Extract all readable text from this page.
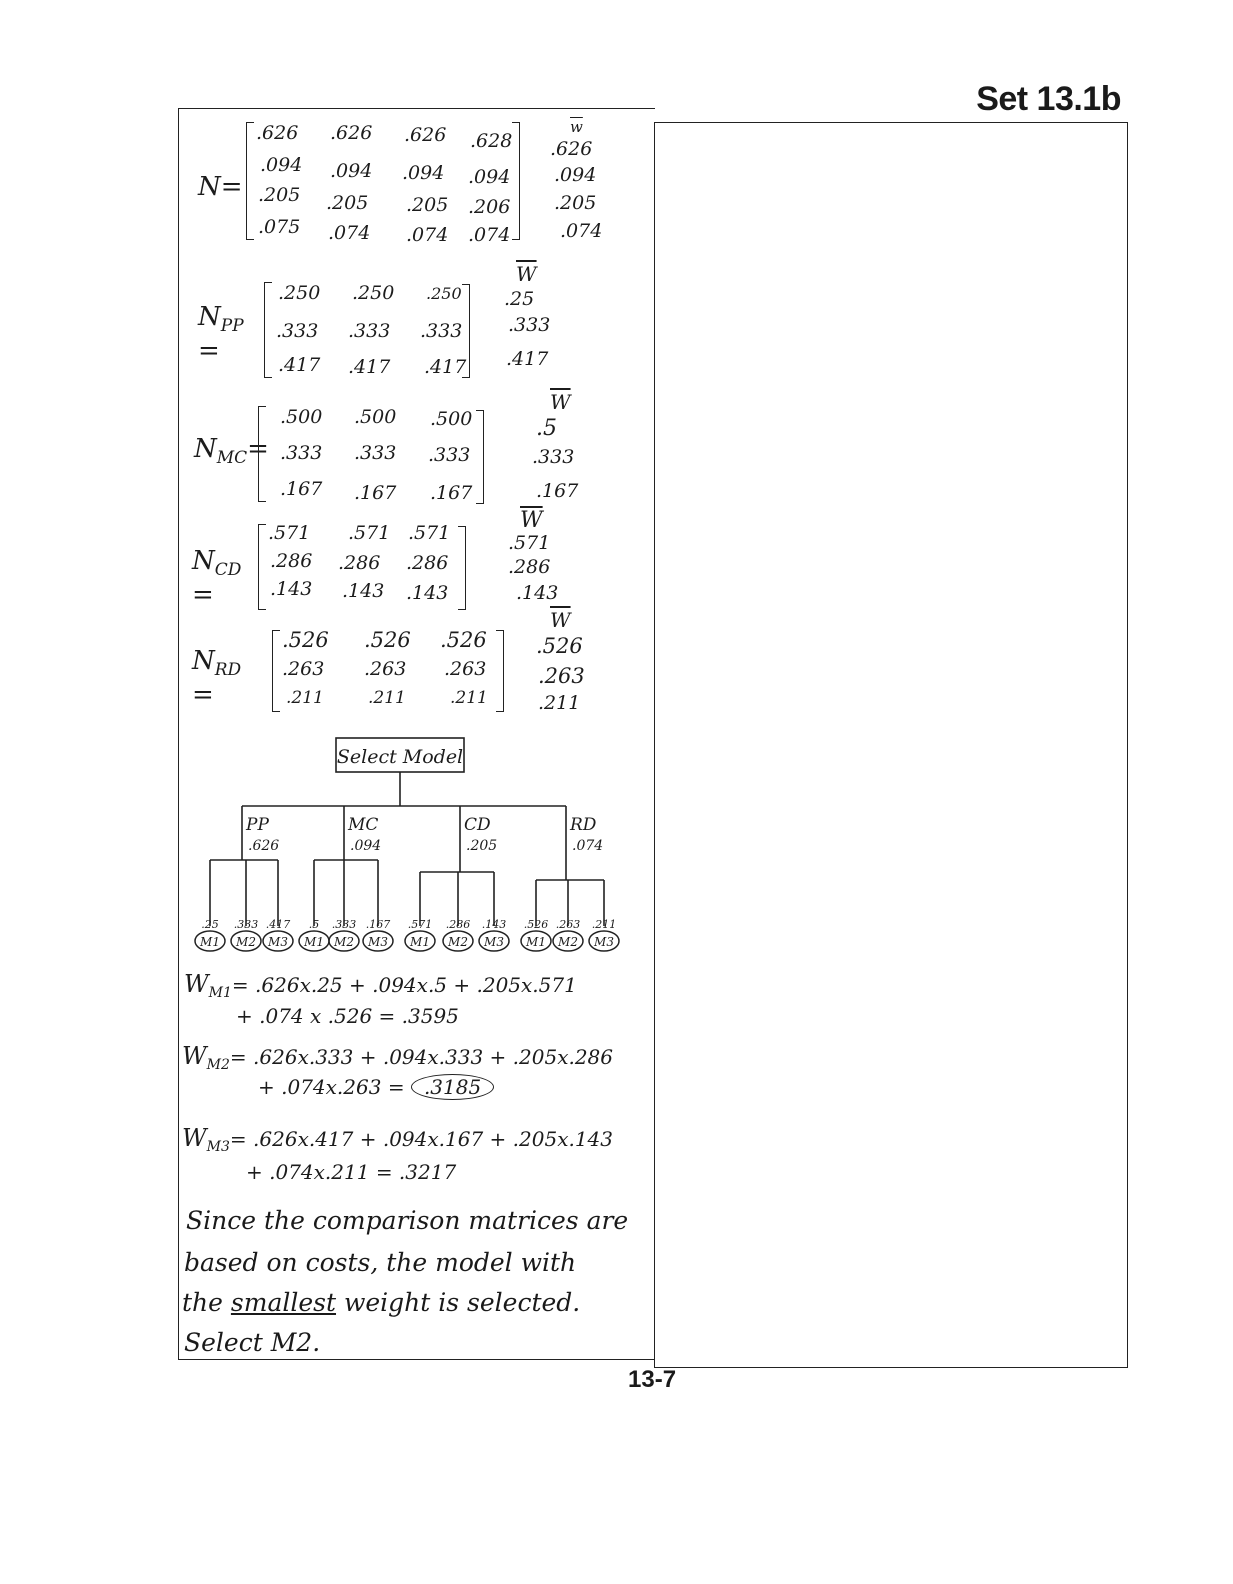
Set 13.1b
N=
.626 .626 .626 .628
.094 .094 .094 .094
.205 .205 .205 .206
.075 .074 .074 .074
$\overline{w}$
.626
.094
.205
.074
$N_{PP}$ =
.250 .250 .250
.333 .333 .333
.417 .417 .417
$\overline{W}$
.25
.333
.417
$N_{MC}=$
.500 .500 .500
.333 .333 .333
.167 .167 .167
$\overline{W}$
.5
.333
.167
$N_{CD}$ =
.571 .571 .571
.286 .286 .286
.143 .143 .143
$\overline{W}$
.571
.286
.143
$N_{RD}$ =
.526 .526 .526
.263 .263 .263
.211	.211	.211
$\overline{W}$
.526
.263
.211
Select Model
PP
.626
.25
M1
.333
M2
.417
M3
MC
.094
.5
M1
.333
M2
.167
M3
CD
.205
.571
M1
.286
M2
.143
M3
RD
.074
.526
M1
.263
M2
.211
M3
$W_{M1}= .626x.25 + .094x.5 + .205x.571$
+ .074 x .526 = .3595
$W_{M2}= .626x.333 + .094x.333 + .205x.286$
+ .074x.263 = .3185
$W_{M3}= .626x.417 + .094x.167 + .205x.143$
+ .074x.211 = .3217
Since the comparison matrices are
based on costs, the model with
the smallest weight is selected.
Select M2.
13-7
